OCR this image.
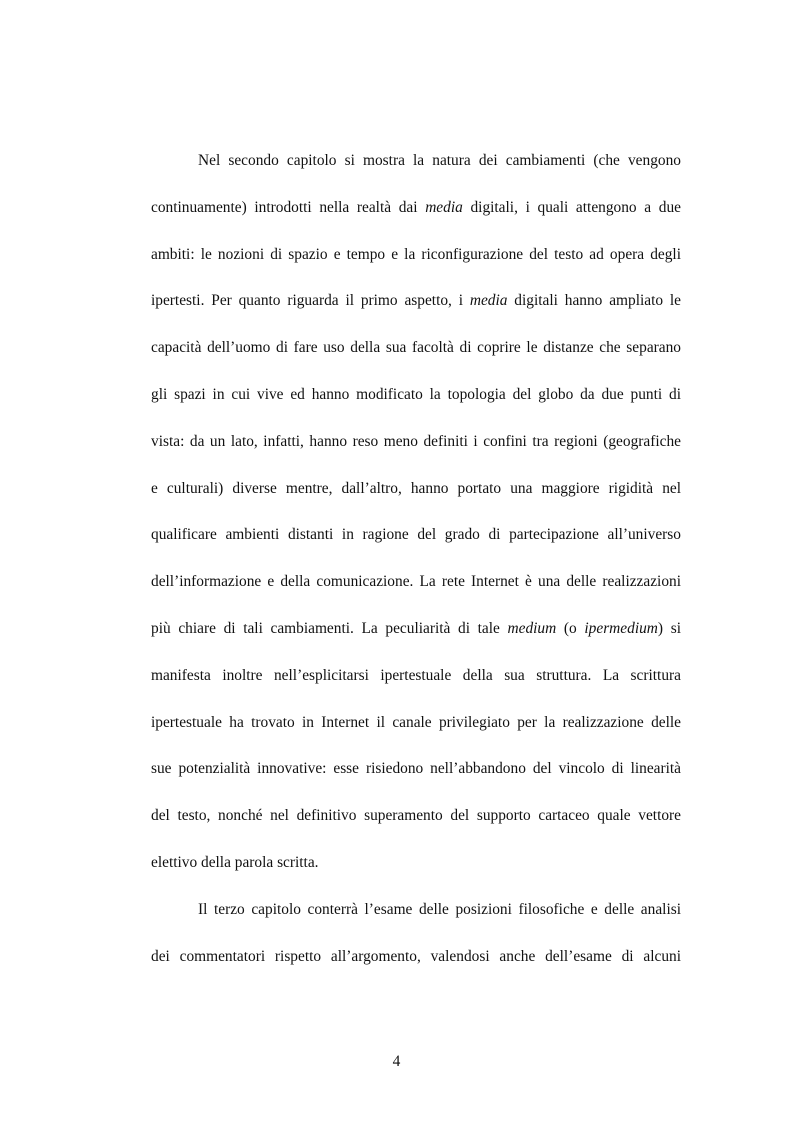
Nel secondo capitolo si mostra la natura dei cambiamenti (che vengono
continuamente) introdotti nella realtà dai media digitali, i quali attengono a due
ambiti: le nozioni di spazio e tempo e la riconfigurazione del testo ad opera degli
ipertesti. Per quanto riguarda il primo aspetto, i media digitali hanno ampliato le
capacità dell’uomo di fare uso della sua facoltà di coprire le distanze che separano
gli spazi in cui vive ed hanno modificato la topologia del globo da due punti di
vista: da un lato, infatti, hanno reso meno definiti i confini tra regioni (geografiche
e culturali) diverse mentre, dall’altro, hanno portato una maggiore rigidità nel
qualificare ambienti distanti in ragione del grado di partecipazione all’universo
dell’informazione e della comunicazione. La rete Internet è una delle realizzazioni
più chiare di tali cambiamenti. La peculiarità di tale medium (o ipermedium) si
manifesta inoltre nell’esplicitarsi ipertestuale della sua struttura. La scrittura
ipertestuale ha trovato in Internet il canale privilegiato per la realizzazione delle
sue potenzialità innovative: esse risiedono nell’abbandono del vincolo di linearità
del testo, nonché nel definitivo superamento del supporto cartaceo quale vettore
elettivo della parola scritta.
Il terzo capitolo conterrà l’esame delle posizioni filosofiche e delle analisi
dei commentatori rispetto all’argomento, valendosi anche dell’esame di alcuni
4
